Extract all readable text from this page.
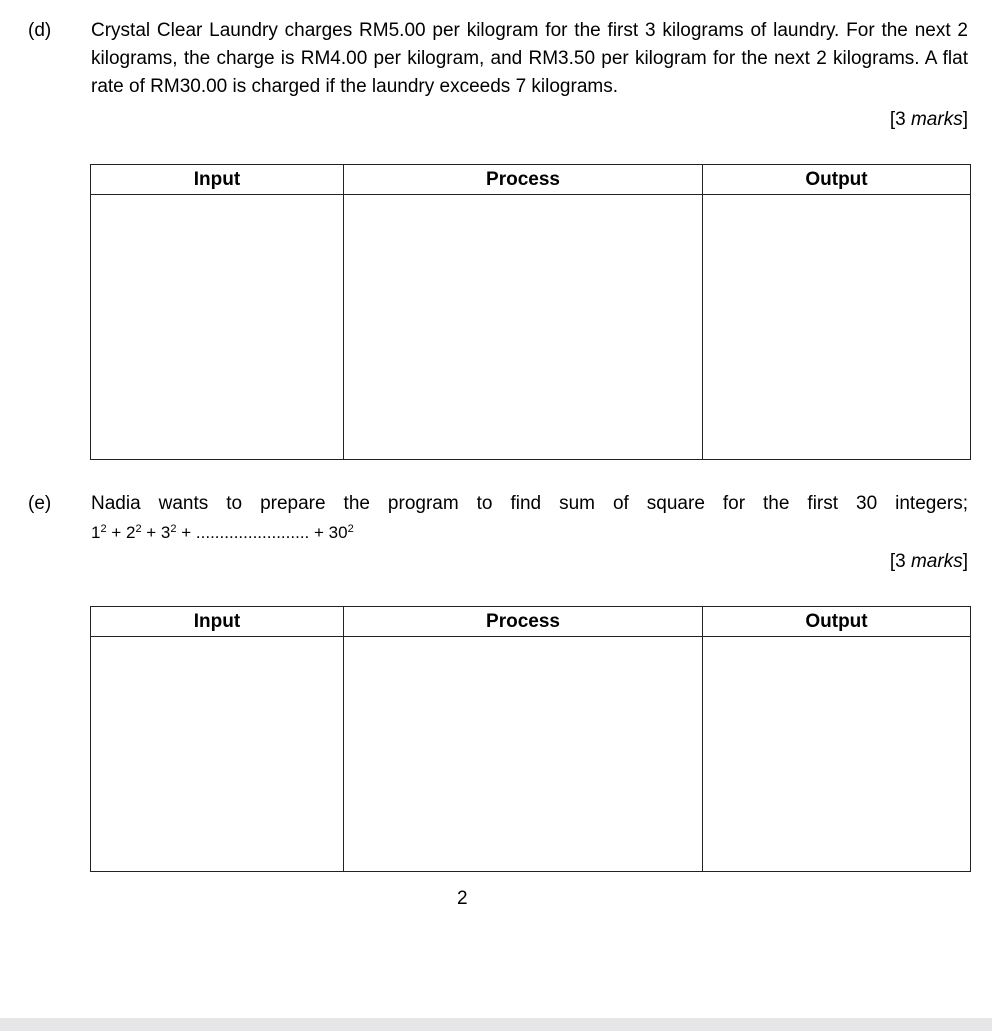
(d) Crystal Clear Laundry charges RM5.00 per kilogram for the first 3 kilograms of laundry. For the next 2 kilograms, the charge is RM4.00 per kilogram, and RM3.50 per kilogram for the next 2 kilograms. A flat rate of RM30.00 is charged if the laundry exceeds 7 kilograms.
[3 marks]
Input	Process	Output

(e) Nadia wants to prepare the program to find sum of square for the first 30 integers;
$1^2 + 2^2 + 3^2$ + ........................ + $30^2$
[3 marks]
Input	Process	Output

2
